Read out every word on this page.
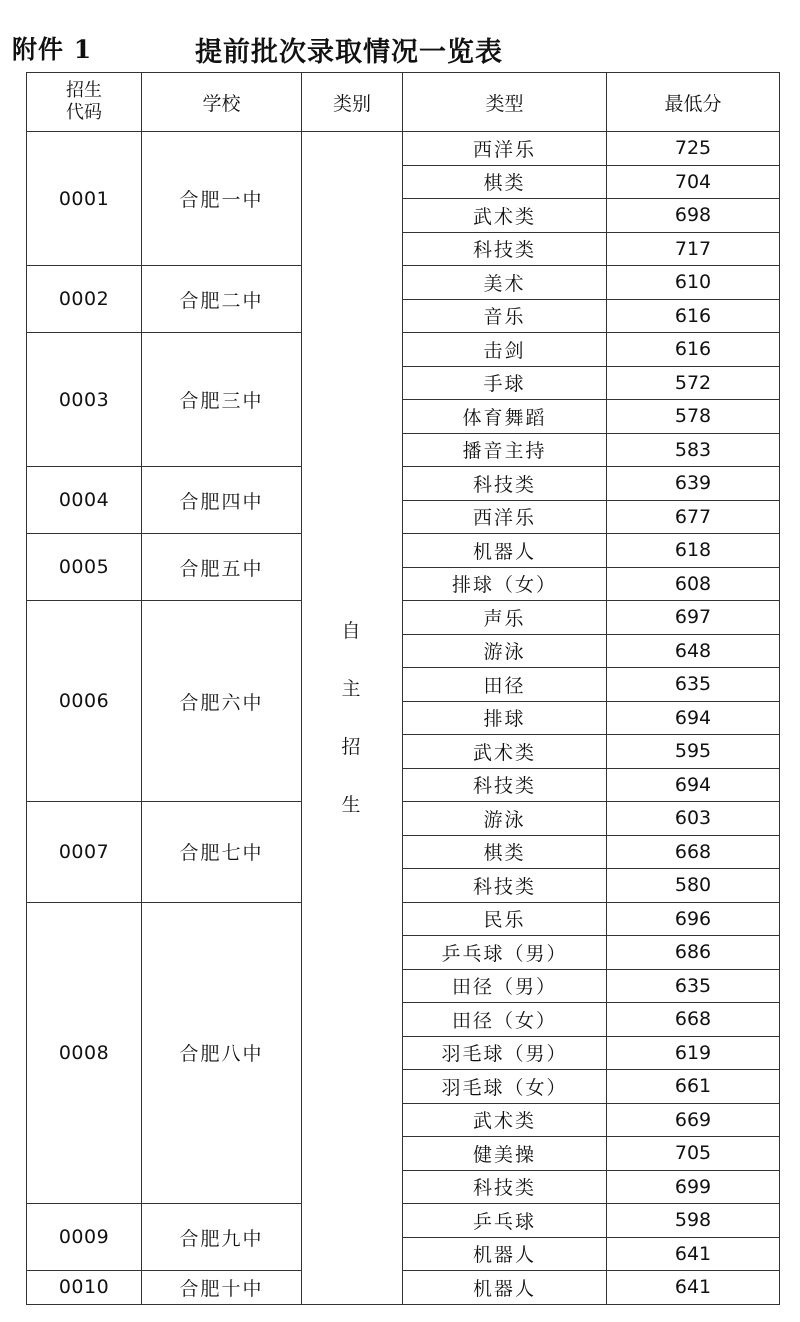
附件 1	提前批次录取情况一览表
招生代码	学校	类别	类型	最低分
0001	合肥一中	自主招生	西洋乐	725
			棋类	704
			武术类	698
			科技类	717
0002	合肥二中		美术	610
			音乐	616
0003	合肥三中		击剑	616
			手球	572
			体育舞蹈	578
			播音主持	583
0004	合肥四中		科技类	639
			西洋乐	677
0005	合肥五中		机器人	618
			排球（女）	608
0006	合肥六中		声乐	697
			游泳	648
			田径	635
			排球	694
			武术类	595
			科技类	694
0007	合肥七中		游泳	603
			棋类	668
			科技类	580
0008	合肥八中		民乐	696
			乒乓球（男）	686
			田径（男）	635
			田径（女）	668
			羽毛球（男）	619
			羽毛球（女）	661
			武术类	669
			健美操	705
			科技类	699
0009	合肥九中		乒乓球	598
			机器人	641
0010	合肥十中		机器人	641
